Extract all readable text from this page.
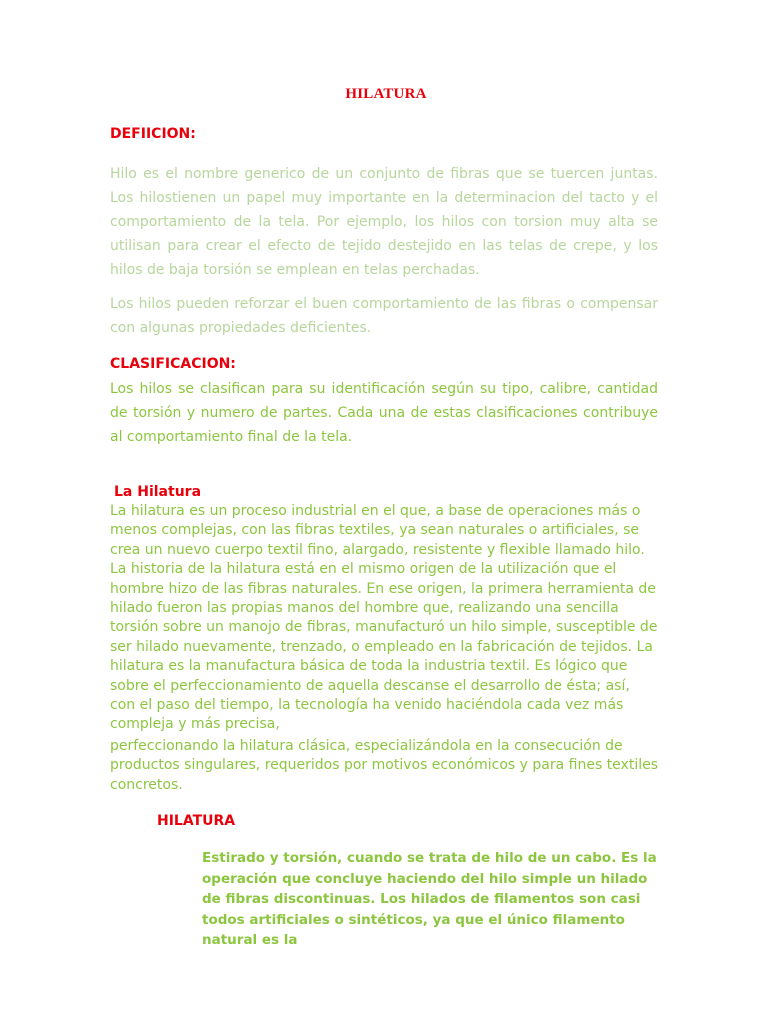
HILATURA
DEFIICION:

Hilo es el nombre generico de un conjunto de fibras que se tuercen juntas. Los hilostienen un papel muy importante en la determinacion del tacto y el comportamiento de la tela. Por ejemplo, los hilos con torsion muy alta se utilisan para crear el efecto de tejido destejido en las telas de crepe, y los hilos de baja torsión se emplean en telas perchadas.

Los hilos pueden reforzar el buen comportamiento de las fibras o compensar con algunas propiedades deficientes.

CLASIFICACION:

Los hilos se clasifican para su identificación según su tipo, calibre, cantidad de torsión y numero de partes. Cada una de estas clasificaciones contribuye al comportamiento final de la tela.

La Hilatura

La hilatura es un proceso industrial en el que, a base de operaciones más o menos complejas, con las fibras textiles, ya sean naturales o artificiales, se crea un nuevo cuerpo textil fino, alargado, resistente y flexible llamado hilo. La historia de la hilatura está en el mismo origen de la utilización que el hombre hizo de las fibras naturales. En ese origen, la primera herramienta de hilado fueron las propias manos del hombre que, realizando una sencilla torsión sobre un manojo de fibras, manufacturó un hilo simple, susceptible de ser hilado nuevamente, trenzado, o empleado en la fabricación de tejidos. La hilatura es la manufactura básica de toda la industria textil. Es lógico que sobre el perfeccionamiento de aquella descanse el desarrollo de ésta; así, con el paso del tiempo, la tecnología ha venido haciéndola cada vez más compleja y más precisa,

perfeccionando la hilatura clásica, especializándola en la consecución de productos singulares, requeridos por motivos económicos y para fines textiles concretos.

HILATURA

Estirado y torsión, cuando se trata de hilo de un cabo. Es la operación que concluye haciendo del hilo simple un hilado de fibras discontinuas. Los hilados de filamentos son casi todos artificiales o sintéticos, ya que el único filamento natural es la
